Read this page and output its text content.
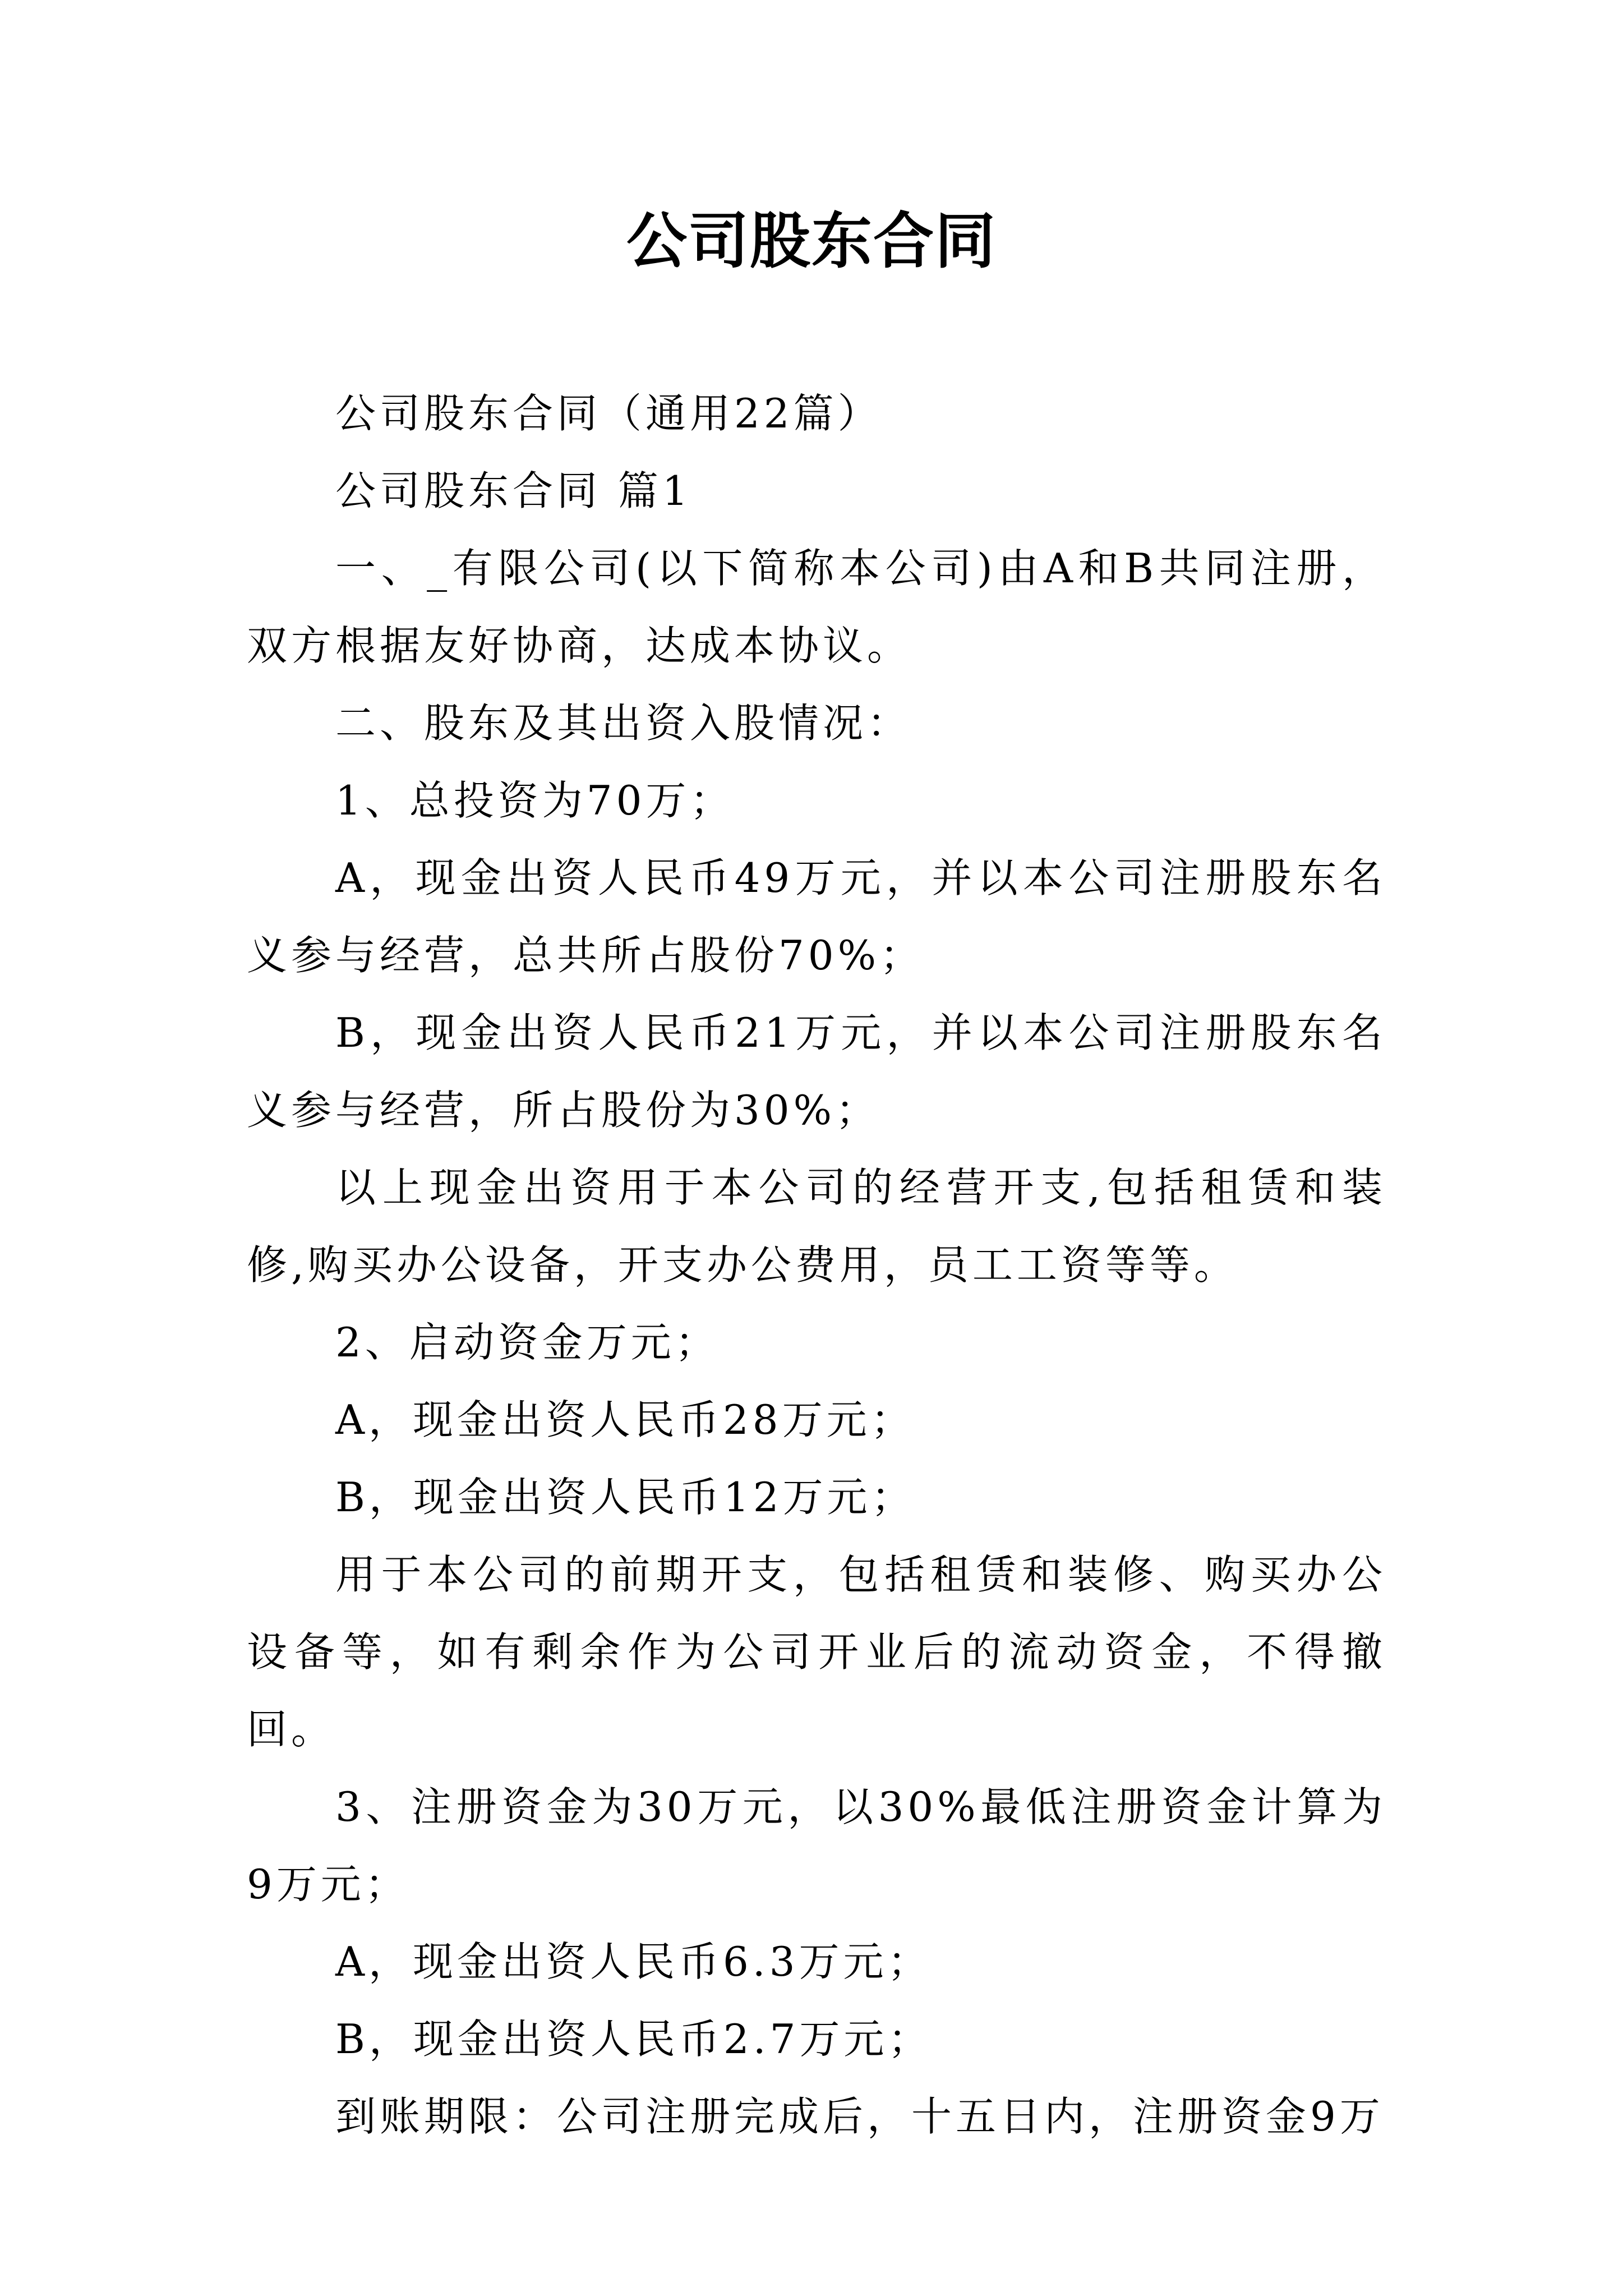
公司股东合同

公司股东合同（通用22篇）

公司股东合同 篇1

一、_有限公司(以下简称本公司)由A和B共同注册，双方根据友好协商，达成本协议。

二、股东及其出资入股情况：

1、总投资为70万；

A，现金出资人民币49万元，并以本公司注册股东名义参与经营，总共所占股份70%；

B，现金出资人民币21万元，并以本公司注册股东名义参与经营，所占股份为30%；

以上现金出资用于本公司的经营开支,包括租赁和装修,购买办公设备，开支办公费用，员工工资等等。

2、启动资金万元；

A，现金出资人民币28万元；

B，现金出资人民币12万元；

用于本公司的前期开支，包括租赁和装修、购买办公设备等，如有剩余作为公司开业后的流动资金，不得撤回。

3、注册资金为30万元，以30%最低注册资金计算为9万元；

A，现金出资人民币6.3万元；

B，现金出资人民币2.7万元；

到账期限：公司注册完成后，十五日内，注册资金9万
